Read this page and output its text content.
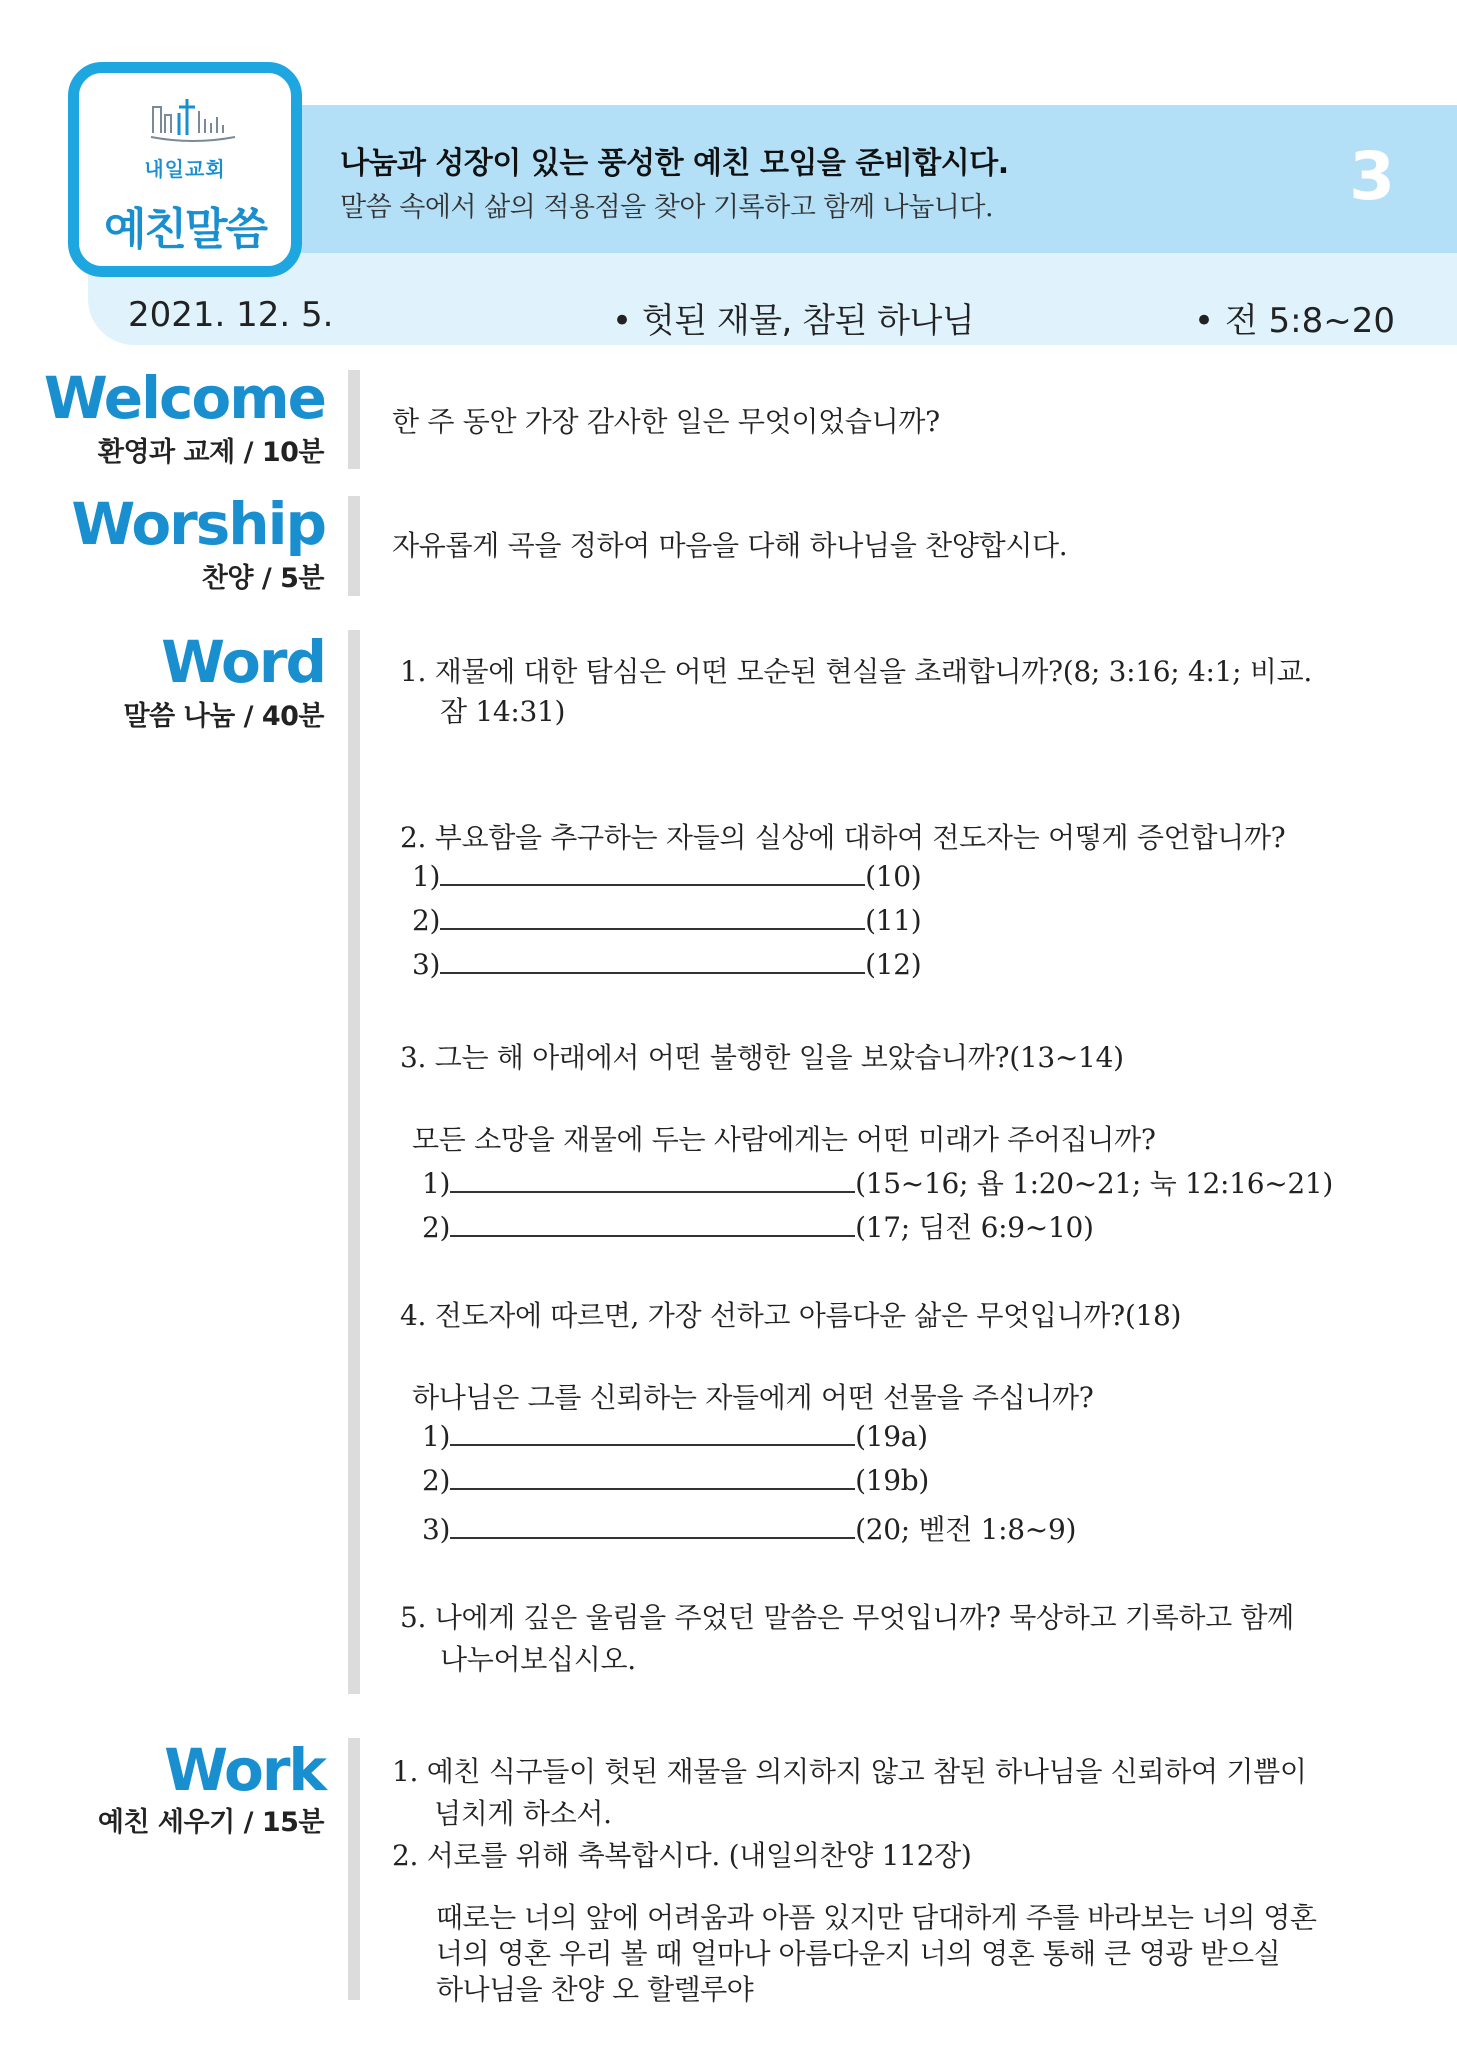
내일교회
예친말씀
나눔과 성장이 있는 풍성한 예친 모임을 준비합시다.
말씀 속에서 삶의 적용점을 찾아 기록하고 함께 나눕니다.	3
2021. 12. 5.	• 헛된 재물, 참된 하나님	• 전 5:8~20
Welcome
환영과 교제 / 10분
한 주 동안 가장 감사한 일은 무엇이었습니까?
Worship
찬양 / 5분
자유롭게 곡을 정하여 마음을 다해 하나님을 찬양합시다.
Word
말씀 나눔 / 40분
1. 재물에 대한 탐심은 어떤 모순된 현실을 초래합니까?(8; 3:16; 4:1; 비교.
잠 14:31)
2. 부요함을 추구하는 자들의 실상에 대하여 전도자는 어떻게 증언합니까?
1)	(10)
2)	(11)
3)	(12)
3. 그는 해 아래에서 어떤 불행한 일을 보았습니까?(13~14)
모든 소망을 재물에 두는 사람에게는 어떤 미래가 주어집니까?
1)	(15~16; 욥 1:20~21; 눅 12:16~21)
2)	(17; 딤전 6:9~10)
4. 전도자에 따르면, 가장 선하고 아름다운 삶은 무엇입니까?(18)
하나님은 그를 신뢰하는 자들에게 어떤 선물을 주십니까?
1)	(19a)
2)	(19b)
3)	(20; 벧전 1:8~9)
5. 나에게 깊은 울림을 주었던 말씀은 무엇입니까? 묵상하고 기록하고 함께
나누어보십시오.
Work
예친 세우기 / 15분
1. 예친 식구들이 헛된 재물을 의지하지 않고 참된 하나님을 신뢰하여 기쁨이
넘치게 하소서.
2. 서로를 위해 축복합시다. (내일의찬양 112장)
때로는 너의 앞에 어려움과 아픔 있지만 담대하게 주를 바라보는 너의 영혼
너의 영혼 우리 볼 때 얼마나 아름다운지 너의 영혼 통해 큰 영광 받으실
하나님을 찬양 오 할렐루야
